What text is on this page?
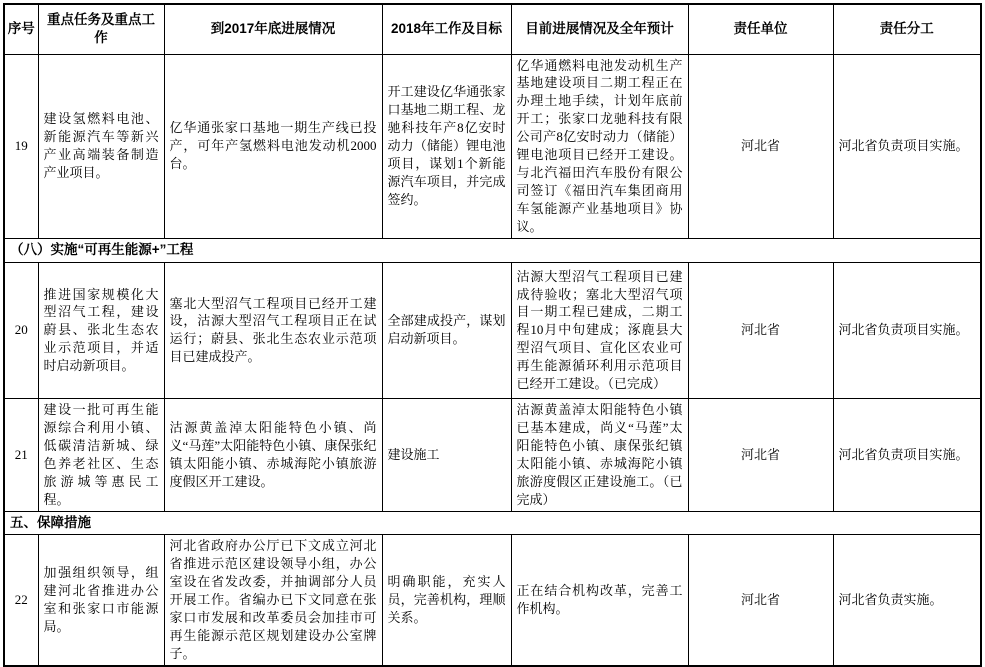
序号	重点任务及重点工作	到2017年底进展情况	2018年工作及目标	目前进展情况及全年预计	责任单位	责任分工
19	建设氢燃料电池、新能源汽车等新兴产业高端装备制造产业项目。	亿华通张家口基地一期生产线已投产，可年产氢燃料电池发动机2000台。	开工建设亿华通张家口基地二期工程、龙驰科技年产8亿安时动力（储能）锂电池项目，谋划1个新能源汽车项目，并完成签约。	亿华通燃料电池发动机生产基地建设项目二期工程正在办理土地手续，计划年底前开工；张家口龙驰科技有限公司产8亿安时动力（储能）锂电池项目已经开工建设。与北汽福田汽车股份有限公司签订《福田汽车集团商用车氢能源产业基地项目》协议。	河北省	河北省负责项目实施。
（八）实施“可再生能源+”工程						
20	推进国家规模化大型沼气工程，建设蔚县、张北生态农业示范项目，并适时启动新项目。	塞北大型沼气工程项目已经开工建设，沽源大型沼气工程项目正在试运行；蔚县、张北生态农业示范项目已建成投产。	全部建成投产，谋划启动新项目。	沽源大型沼气工程项目已建成待验收；塞北大型沼气项目一期工程已建成，二期工程10月中旬建成；涿鹿县大型沼气项目、宣化区农业可再生能源循环利用示范项目已经开工建设。（已完成）	河北省	河北省负责项目实施。
21	建设一批可再生能源综合利用小镇、低碳清洁新城、绿色养老社区、生态旅游城等惠民工程。	沽源黄盖淖太阳能特色小镇、尚义“马莲”太阳能特色小镇、康保张纪镇太阳能小镇、赤城海陀小镇旅游度假区开工建设。	建设施工	沽源黄盖淖太阳能特色小镇已基本建成，尚义“马莲”太阳能特色小镇、康保张纪镇太阳能小镇、赤城海陀小镇旅游度假区正建设施工。（已完成）	河北省	河北省负责项目实施。
五、保障措施						
22	加强组织领导，组建河北省推进办公室和张家口市能源局。	河北省政府办公厅已下文成立河北省推进示范区建设领导小组，办公室设在省发改委，并抽调部分人员开展工作。省编办已下文同意在张家口市发展和改革委员会加挂市可再生能源示范区规划建设办公室牌子。	明确职能，充实人员，完善机构，理顺关系。	正在结合机构改革，完善工作机构。	河北省	河北省负责实施。
